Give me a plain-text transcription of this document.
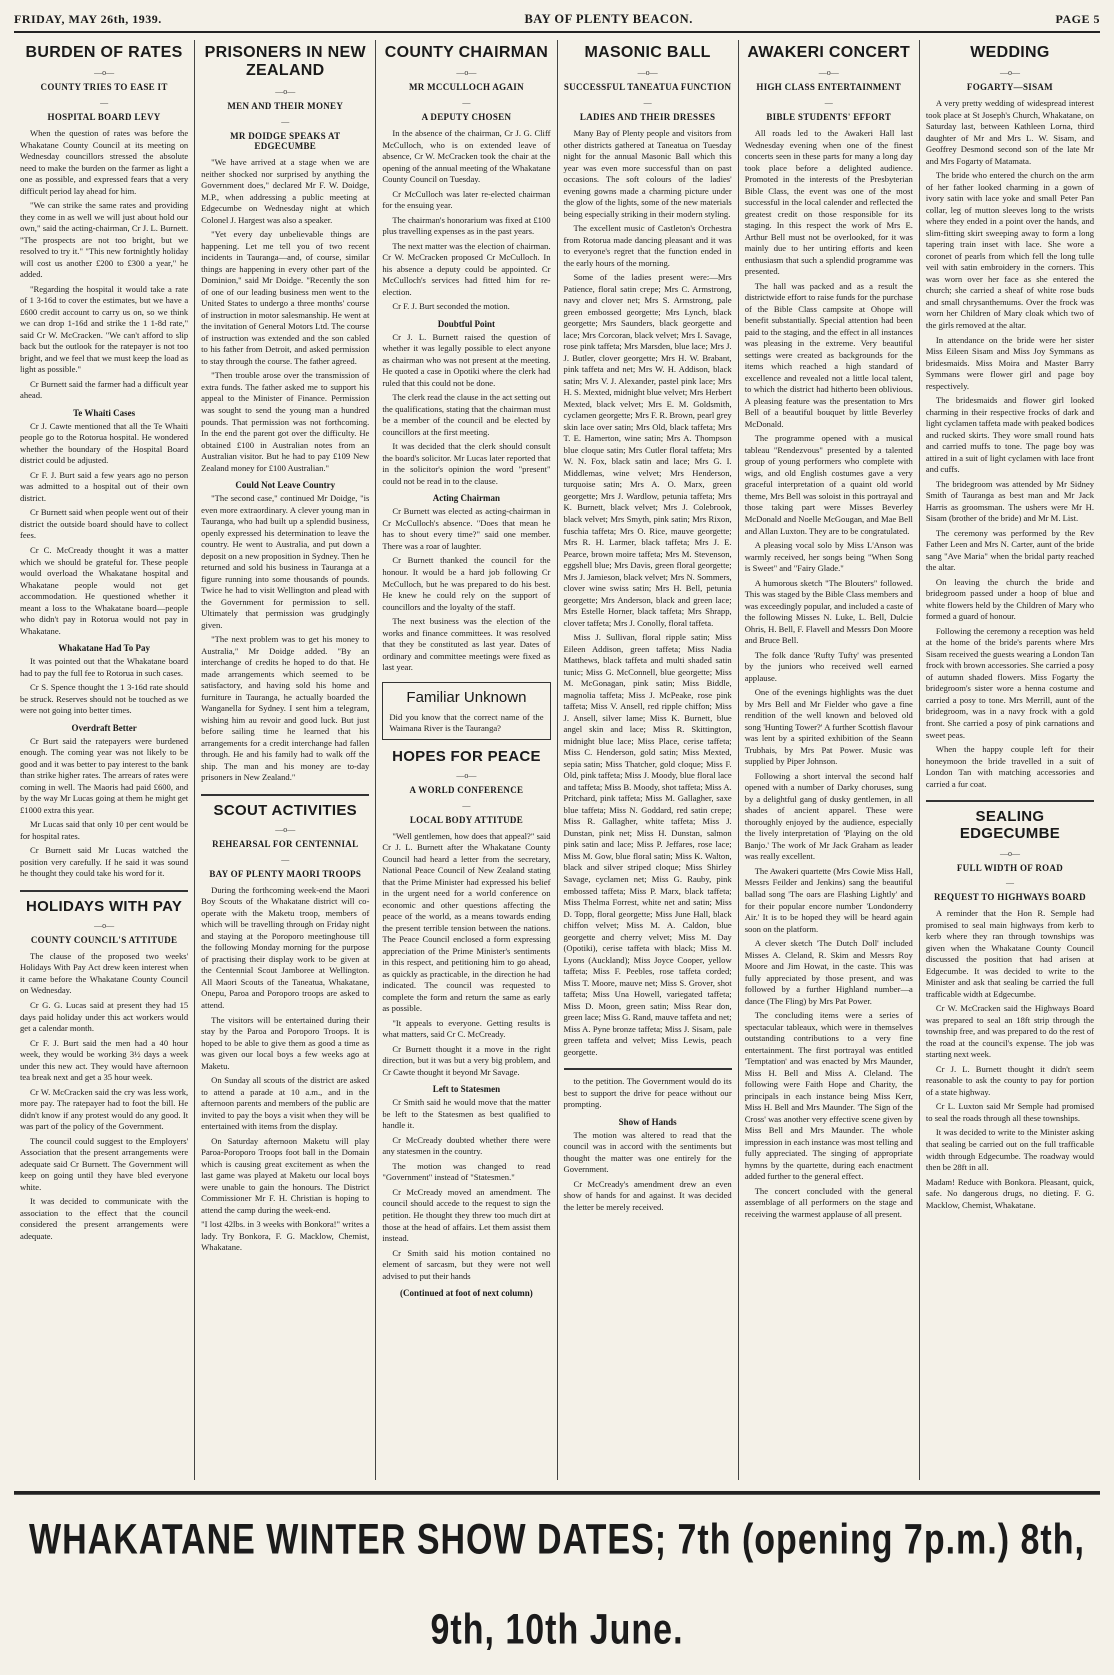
FRIDAY, MAY 26th, 1939.	BAY OF PLENTY BEACON.	PAGE 5
BURDEN OF RATES
—o—
COUNTY TRIES TO EASE IT
—
HOSPITAL BOARD LEVY

When the question of rates was before the Whakatane County Council at its meeting on Wednesday councillors stressed the absolute need to make the burden on the farmer as light a one as possible, and expressed fears that a very difficult period lay ahead for him.

"We can strike the same rates and providing they come in as well we will just about hold our own," said the acting-chairman, Cr J. L. Burnett. "The prospects are not too bright, but we resolved to try it." "This new fortnightly holiday will cost us another £200 to £300 a year," he added.

"Regarding the hospital it would take a rate of 1 3-16d to cover the estimates, but we have a £600 credit account to carry us on, so we think we can drop 1-16d and strike the 1 1-8d rate," said Cr W. McCracken. "We can't afford to slip back but the outlook for the ratepayer is not too bright, and we feel that we must keep the load as light as possible."

Cr Burnett said the farmer had a difficult year ahead.

Te Whaiti Cases

Cr J. Cawte mentioned that all the Te Whaiti people go to the Rotorua hospital. He wondered whether the boundary of the Hospital Board district could be adjusted.

Cr F. J. Burt said a few years ago no person was admitted to a hospital out of their own district.

Cr Burnett said when people went out of their district the outside board should have to collect fees.

Cr C. McCready thought it was a matter which we should be grateful for. These people would overload the Whakatane hospital and Whakatane people would not get accommodation. He questioned whether it meant a loss to the Whakatane board—people who didn't pay in Rotorua would not pay in Whakatane.

Whakatane Had To Pay

It was pointed out that the Whakatane board had to pay the full fee to Rotorua in such cases.

Cr S. Spence thought the 1 3-16d rate should be struck. Reserves should not be touched as we were not going into better times.

Overdraft Better

Cr Burt said the ratepayers were burdened enough. The coming year was not likely to be good and it was better to pay interest to the bank than strike higher rates. The arrears of rates were coming in well. The Maoris had paid £600, and by the way Mr Lucas going at them he might get £1000 extra this year.

Mr Lucas said that only 10 per cent would be for hospital rates.

Cr Burnett said Mr Lucas watched the position very carefully. If he said it was sound he thought they could take his word for it.

HOLIDAYS WITH PAY
—o—
COUNTY COUNCIL'S ATTITUDE

The clause of the proposed two weeks' Holidays With Pay Act drew keen interest when it came before the Whakatane County Council on Wednesday.

Cr G. G. Lucas said at present they had 15 days paid holiday under this act workers would get a calendar month.

Cr F. J. Burt said the men had a 40 hour week, they would be working 3½ days a week under this new act. They would have afternoon tea break next and get a 35 hour week.

Cr W. McCracken said the cry was less work, more pay. The ratepayer had to foot the bill. He didn't know if any protest would do any good. It was part of the policy of the Government.

The council could suggest to the Employers' Association that the present arrangements were adequate said Cr Burnett. The Government will keep on going until they have bled everyone white.

It was decided to communicate with the association to the effect that the council considered the present arrangements were adequate.

PRISONERS IN NEW ZEALAND
—o—
MEN AND THEIR MONEY
—
MR DOIDGE SPEAKS AT EDGECUMBE

"We have arrived at a stage when we are neither shocked nor surprised by anything the Government does," declared Mr F. W. Doidge, M.P., when addressing a public meeting at Edgecumbe on Wednesday night at which Colonel J. Hargest was also a speaker.

"Yet every day unbelievable things are happening. Let me tell you of two recent incidents in Tauranga—and, of course, similar things are happening in every other part of the Dominion," said Mr Doidge. "Recently the son of one of our leading business men went to the United States to undergo a three months' course of instruction in motor salesmanship. He went at the invitation of General Motors Ltd. The course of instruction was extended and the son cabled to his father from Detroit, and asked permission to stay through the course. The father agreed.

"Then trouble arose over the transmission of extra funds. The father asked me to support his appeal to the Minister of Finance. Permission was sought to send the young man a hundred pounds. That permission was not forthcoming. In the end the parent got over the difficulty. He obtained £100 in Australian notes from an Australian visitor. But he had to pay £109 New Zealand money for £100 Australian."

Could Not Leave Country

"The second case," continued Mr Doidge, "is even more extraordinary. A clever young man in Tauranga, who had built up a splendid business, openly expressed his determination to leave the country. He went to Australia, and put down a deposit on a new proposition in Sydney. Then he returned and sold his business in Tauranga at a figure running into some thousands of pounds. Twice he had to visit Wellington and plead with the Government for permission to sell. Ultimately that permission was grudgingly given.

"The next problem was to get his money to Australia," Mr Doidge added. "By an interchange of credits he hoped to do that. He made arrangements which seemed to be satisfactory, and having sold his home and furniture in Tauranga, he actually boarded the Wanganella for Sydney. I sent him a telegram, wishing him au revoir and good luck. But just before sailing time he learned that his arrangements for a credit interchange had fallen through. He and his family had to walk off the ship. The man and his money are to-day prisoners in New Zealand."

SCOUT ACTIVITIES
—o—
REHEARSAL FOR CENTENNIAL
—
BAY OF PLENTY MAORI TROOPS

During the forthcoming week-end the Maori Boy Scouts of the Whakatane district will co-operate with the Maketu troop, members of which will be travelling through on Friday night and staying at the Poroporo meetinghouse till the following Monday morning for the purpose of practising their display work to be given at the Centennial Scout Jamboree at Wellington. All Maori Scouts of the Taneatua, Whakatane, Onepu, Paroa and Poroporo troops are asked to attend.

The visitors will be entertained during their stay by the Paroa and Poroporo Troops. It is hoped to be able to give them as good a time as was given our local boys a few weeks ago at Maketu.

On Sunday all scouts of the district are asked to attend a parade at 10 a.m., and in the afternoon parents and members of the public are invited to pay the boys a visit when they will be entertained with items from the display.

On Saturday afternoon Maketu will play Paroa-Poroporo Troops foot ball in the Domain which is causing great excitement as when the last game was played at Maketu our local boys were unable to gain the honours. The District Commissioner Mr F. H. Christian is hoping to attend the camp during the week-end.

"I lost 42lbs. in 3 weeks with Bonkora!" writes a lady. Try Bonkora, F. G. Macklow, Chemist, Whakatane.

COUNTY CHAIRMAN
—o—
MR MCCULLOCH AGAIN
—
A DEPUTY CHOSEN

In the absence of the chairman, Cr J. G. Cliff McCulloch, who is on extended leave of absence, Cr W. McCracken took the chair at the opening of the annual meeting of the Whakatane County Council on Tuesday.

Cr McCulloch was later re-elected chairman for the ensuing year.

The chairman's honorarium was fixed at £100 plus travelling expenses as in the past years.

The next matter was the election of chairman. Cr W. McCracken proposed Cr McCulloch. In his absence a deputy could be appointed. Cr McCulloch's services had fitted him for re-election.

Cr F. J. Burt seconded the motion.

Doubtful Point

Cr J. L. Burnett raised the question of whether it was legally possible to elect anyone as chairman who was not present at the meeting. He quoted a case in Opotiki where the clerk had ruled that this could not be done.

The clerk read the clause in the act setting out the qualifications, stating that the chairman must be a member of the council and be elected by councillors at the first meeting.

It was decided that the clerk should consult the board's solicitor. Mr Lucas later reported that in the solicitor's opinion the word "present" could not be read in to the clause.

Acting Chairman

Cr Burnett was elected as acting-chairman in Cr McCulloch's absence. "Does that mean he has to shout every time?" said one member. There was a roar of laughter.

Cr Burnett thanked the council for the honour. It would be a hard job following Cr McCulloch, but he was prepared to do his best. He knew he could rely on the support of councillors and the loyalty of the staff.

The next business was the election of the works and finance committees. It was resolved that they be constituted as last year. Dates of ordinary and committee meetings were fixed as last year.

Familiar Unknown

Did you know that the correct name of the Waimana River is the Tauranga?

HOPES FOR PEACE
—o—
A WORLD CONFERENCE
—
LOCAL BODY ATTITUDE

"Well gentlemen, how does that appeal?" said Cr J. L. Burnett after the Whakatane County Council had heard a letter from the secretary, National Peace Council of New Zealand stating that the Prime Minister had expressed his belief in the urgent need for a world conference on economic and other questions affecting the peace of the world, as a means towards ending the present terrible tension between the nations. The Peace Council enclosed a form expressing appreciation of the Prime Minister's sentiments in this respect, and petitioning him to go ahead, as quickly as practicable, in the direction he had indicated. The council was requested to complete the form and return the same as early as possible.

"It appeals to everyone. Getting results is what matters, said Cr C. McCready.

Cr Burnett thought it a move in the right direction, but it was but a very big problem, and Cr Cawte thought it beyond Mr Savage.

Left to Statesmen

Cr Smith said he would move that the matter be left to the Statesmen as best qualified to handle it.

Cr McCready doubted whether there were any statesmen in the country.

The motion was changed to read "Government" instead of "Statesmen."

Cr McCready moved an amendment. The council should accede to the request to sign the petition. He thought they threw too much dirt at those at the head of affairs. Let them assist them instead.

Cr Smith said his motion contained no element of sarcasm, but they were not well advised to put their hands

(Continued at foot of next column)
MASONIC BALL
—o—
SUCCESSFUL TANEATUA FUNCTION
—
LADIES AND THEIR DRESSES

Many Bay of Plenty people and visitors from other districts gathered at Taneatua on Tuesday night for the annual Masonic Ball which this year was even more successful than on past occasions. The soft colours of the ladies' evening gowns made a charming picture under the glow of the lights, some of the new materials being especially striking in their modern styling.

The excellent music of Castleton's Orchestra from Rotorua made dancing pleasant and it was to everyone's regret that the function ended in the early hours of the morning.

Some of the ladies present were:—Mrs Patience, floral satin crepe; Mrs C. Armstrong, navy and clover net; Mrs S. Armstrong, pale green embossed georgette; Mrs Lynch, black georgette; Mrs Saunders, black georgette and lace; Mrs Corcoran, black velvet; Mrs I. Savage, rose pink taffeta; Mrs Marsden, blue lace; Mrs J. J. Butler, clover georgette; Mrs H. W. Brabant, pink taffeta and net; Mrs W. H. Addison, black satin; Mrs V. J. Alexander, pastel pink lace; Mrs H. S. Mexted, midnight blue velvet; Mrs Herbert Mexted, black velvet; Mrs E. M. Goldsmith, cyclamen georgette; Mrs F. R. Brown, pearl grey skin lace over satin; Mrs Old, black taffeta; Mrs T. E. Hamerton, wine satin; Mrs A. Thompson blue cloque satin; Mrs Cutler floral taffeta; Mrs W. N. Fox, black satin and lace; Mrs G. I. Middlemas, wine velvet; Mrs Henderson, turquoise satin; Mrs A. O. Marx, green georgette; Mrs J. Wardlow, petunia taffeta; Mrs K. Burnett, black velvet; Mrs J. Colebrook, black velvet; Mrs Smyth, pink satin; Mrs Rixon, fuschia taffeta; Mrs O. Rice, mauve georgette; Mrs R. H. Larmer, black taffeta; Mrs J. E. Pearce, brown moire taffeta; Mrs M. Stevenson, eggshell blue; Mrs Davis, green floral georgette; Mrs J. Jamieson, black velvet; Mrs N. Sommers, clover wine swiss satin; Mrs H. Bell, petunia georgette; Mrs Anderson, black and green lace; Mrs Estelle Horner, black taffeta; Mrs Shrapp, clover taffeta; Mrs J. Conolly, floral taffeta.

Miss J. Sullivan, floral ripple satin; Miss Eileen Addison, green taffeta; Miss Nadia Matthews, black taffeta and multi shaded satin tunic; Miss G. McConnell, blue georgette; Miss M. McGonagan, pink satin; Miss Biddle, magnolia taffeta; Miss J. McPeake, rose pink taffeta; Miss V. Ansell, red ripple chiffon; Miss J. Ansell, silver lame; Miss K. Burnett, blue angel skin and lace; Miss R. Skittington, midnight blue lace; Miss Place, cerise taffeta; Miss C. Henderson, gold satin; Miss Mexted, sepia satin; Miss Thatcher, gold cloque; Miss F. Old, pink taffeta; Miss J. Moody, blue floral lace and taffeta; Miss B. Moody, shot taffeta; Miss A. Pritchard, pink taffeta; Miss M. Gallagher, saxe blue taffeta; Miss N. Goddard, red satin crepe; Miss R. Gallagher, white taffeta; Miss J. Dunstan, pink net; Miss H. Dunstan, salmon pink satin and lace; Miss P. Jeffares, rose lace; Miss M. Gow, blue floral satin; Miss K. Walton, black and silver striped cloque; Miss Shirley Savage, cyclamen net; Miss G. Rauby, pink embossed taffeta; Miss P. Marx, black taffeta; Miss Thelma Forrest, white net and satin; Miss D. Topp, floral georgette; Miss June Hall, black chiffon velvet; Miss M. A. Caldon, blue georgette and cherry velvet; Miss M. Day (Opotiki), cerise taffeta with black; Miss M. Lyons (Auckland); Miss Joyce Cooper, yellow taffeta; Miss F. Peebles, rose taffeta corded; Miss T. Moore, mauve net; Miss S. Grover, shot taffeta; Miss Una Howell, variegated taffeta; Miss D. Moon, green satin; Miss Rear don, green lace; Miss G. Rand, mauve taffeta and net; Miss A. Pyne bronze taffeta; Miss J. Sisam, pale green taffeta and velvet; Miss Lewis, peach georgette.

to the petition. The Government would do its best to support the drive for peace without our prompting.

Show of Hands

The motion was altered to read that the council was in accord with the sentiments but thought the matter was one entirely for the Government.

Cr McCready's amendment drew an even show of hands for and against. It was decided the letter be merely received.

AWAKERI CONCERT
—o—
HIGH CLASS ENTERTAINMENT
—
BIBLE STUDENTS' EFFORT

All roads led to the Awakeri Hall last Wednesday evening when one of the finest concerts seen in these parts for many a long day took place before a delighted audience. Promoted in the interests of the Presbyterian Bible Class, the event was one of the most successful in the local calender and reflected the greatest credit on those responsible for its staging. In this respect the work of Mrs E. Arthur Bell must not be overlooked, for it was mainly due to her untiring efforts and keen enthusiasm that such a splendid programme was presented.

The hall was packed and as a result the districtwide effort to raise funds for the purchase of the Bible Class campsite at Ohope will benefit substantially. Special attention had been paid to the staging, and the effect in all instances was pleasing in the extreme. Very beautiful settings were created as backgrounds for the items which reached a high standard of excellence and revealed not a little local talent, to which the district had hitherto been oblivious. A pleasing feature was the presentation to Mrs Bell of a beautiful bouquet by little Beverley McDonald.

The programme opened with a musical tableau "Rendezvous" presented by a talented group of young performers who complete with wigs, and old English costumes gave a very graceful interpretation of a quaint old world theme, Mrs Bell was soloist in this portrayal and those taking part were Misses Beverley McDonald and Noelle McGougan, and Mae Bell and Allan Luxton. They are to be congratulated.

A pleasing vocal solo by Miss L'Anson was warmly received, her songs being "When Song is Sweet" and "Fairy Glade."

A humorous sketch "The Blouters" followed. This was staged by the Bible Class members and was exceedingly popular, and included a caste of the following Misses N. Luke, L. Bell, Dulcie Ohris, H. Bell, F. Flavell and Messrs Don Moore and Bruce Bell.

The folk dance 'Rufty Tufty' was presented by the juniors who received well earned applause.

One of the evenings highlights was the duet by Mrs Bell and Mr Fielder who gave a fine rendition of the well known and beloved old song 'Hunting Tower?' A further Scottish flavour was lent by a spirited exhibition of the Seann Trubhais, by Mrs Pat Power. Music was supplied by Piper Johnson.

Following a short interval the second half opened with a number of Darky choruses, sung by a delightful gang of dusky gentlemen, in all shades of ancient apparel. These were thoroughly enjoyed by the audience, especially the lively interpretation of 'Playing on the old Banjo.' The work of Mr Jack Graham as leader was really excellent.

The Awakeri quartette (Mrs Cowie Miss Hall, Messrs Feilder and Jenkins) sang the beautiful ballad song 'The oars are Flashing Lightly' and for their popular encore number 'Londonderry Air.' It is to be hoped they will be heard again soon on the platform.

A clever sketch 'The Dutch Doll' included Misses A. Cleland, R. Skim and Messrs Roy Moore and Jim Howat, in the caste. This was fully appreciated by those present, and was followed by a further Highland number—a dance (The Fling) by Mrs Pat Power.

The concluding items were a series of spectacular tableaux, which were in themselves outstanding contributions to a very fine entertainment. The first portrayal was entitled 'Temptation' and was enacted by Mrs Maunder, Miss H. Bell and Miss A. Cleland. The following were Faith Hope and Charity, the principals in each instance being Miss Kerr, Miss H. Bell and Mrs Maunder. 'The Sign of the Cross' was another very effective scene given by Miss Bell and Mrs Maunder. The whole impression in each instance was most telling and fully appreciated. The singing of appropriate hymns by the quartette, during each enactment added further to the general effect.

The concert concluded with the general assemblage of all performers on the stage and receiving the warmest applause of all present.

WEDDING
—o—
FOGARTY—SISAM

A very pretty wedding of widespread interest took place at St Joseph's Church, Whakatane, on Saturday last, between Kathleen Lorna, third daughter of Mr and Mrs L. W. Sisam, and Geoffrey Desmond second son of the late Mr and Mrs Fogarty of Matamata.

The bride who entered the church on the arm of her father looked charming in a gown of ivory satin with lace yoke and small Peter Pan collar, leg of mutton sleeves long to the wrists where they ended in a point over the hands, and slim-fitting skirt sweeping away to form a long tapering train inset with lace. She wore a coronet of pearls from which fell the long tulle veil with satin embroidery in the corners. This was worn over her face as she entered the church; she carried a sheaf of white rose buds and small chrysanthemums. Over the frock was worn her Children of Mary cloak which two of the girls removed at the altar.

In attendance on the bride were her sister Miss Eileen Sisam and Miss Joy Symmans as bridesmaids. Miss Moira and Master Barry Symmans were flower girl and page boy respectively.

The bridesmaids and flower girl looked charming in their respective frocks of dark and light cyclamen taffeta made with peaked bodices and rucked skirts. They wore small round hats and carried muffs to tone. The page boy was attired in a suit of light cyclamen with lace front and cuffs.

The bridegroom was attended by Mr Sidney Smith of Tauranga as best man and Mr Jack Harris as groomsman. The ushers were Mr H. Sisam (brother of the bride) and Mr M. List.

The ceremony was performed by the Rev Father Leen and Mrs N. Carter, aunt of the bride sang "Ave Maria" when the bridal party reached the altar.

On leaving the church the bride and bridegroom passed under a hoop of blue and white flowers held by the Children of Mary who formed a guard of honour.

Following the ceremony a reception was held at the home of the bride's parents where Mrs Sisam received the guests wearing a London Tan frock with brown accessories. She carried a posy of autumn shaded flowers. Miss Fogarty the bridegroom's sister wore a henna costume and carried a posy to tone. Mrs Merrill, aunt of the bridegroom, was in a navy frock with a gold front. She carried a posy of pink carnations and sweet peas.

When the happy couple left for their honeymoon the bride travelled in a suit of London Tan with matching accessories and carried a fur coat.

SEALING EDGECUMBE
—o—
FULL WIDTH OF ROAD
—
REQUEST TO HIGHWAYS BOARD

A reminder that the Hon R. Semple had promised to seal main highways from kerb to kerb where they ran through townships was given when the Whakatane County Council discussed the position that had arisen at Edgecumbe. It was decided to write to the Minister and ask that sealing be carried the full trafficable width at Edgecumbe.

Cr W. McCracken said the Highways Board was prepared to seal an 18ft strip through the township free, and was prepared to do the rest of the road at the council's expense. The job was starting next week.

Cr J. L. Burnett thought it didn't seem reasonable to ask the county to pay for portion of a state highway.

Cr L. Luxton said Mr Semple had promised to seal the roads through all these townships.

It was decided to write to the Minister asking that sealing be carried out on the full trafficable width through Edgecumbe. The roadway would then be 28ft in all.

Madam! Reduce with Bonkora. Pleasant, quick, safe. No dangerous drugs, no dieting. F. G. Macklow, Chemist, Whakatane.

WHAKATANE WINTER SHOW DATES; 7th (opening 7p.m.) 8th, 9th, 10th June.
